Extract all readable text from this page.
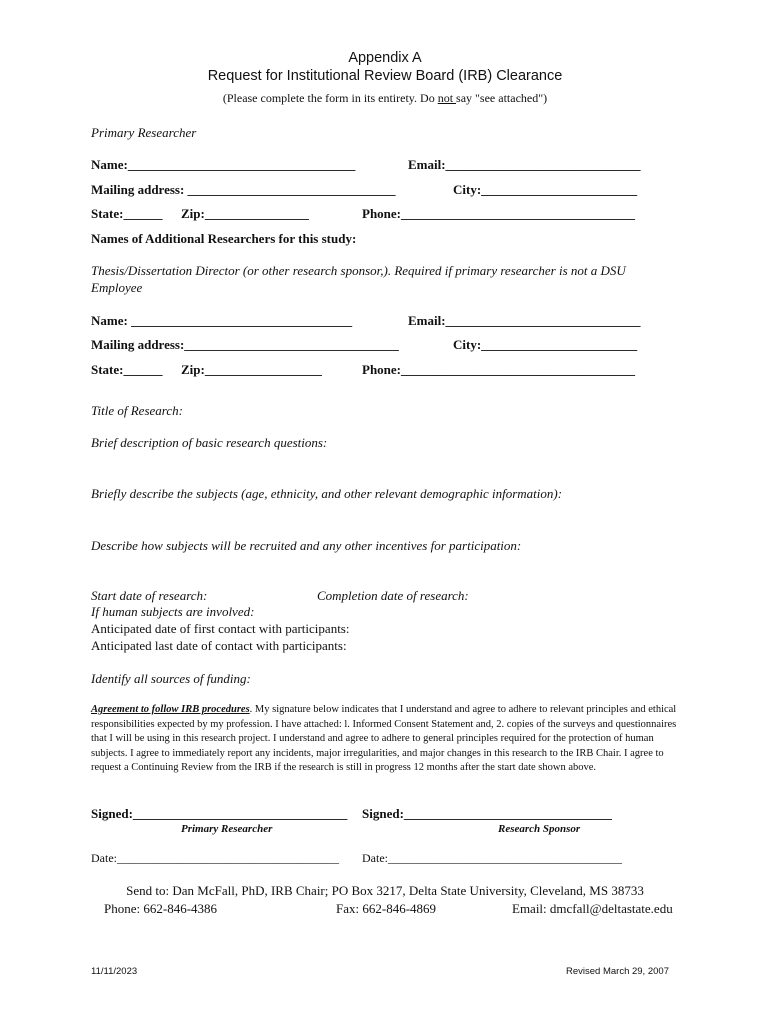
Appendix A
Request for Institutional Review Board (IRB) Clearance
(Please complete the form in its entirety. Do not say "see attached")
Primary Researcher
Name:___________________________________	Email:______________________________
Mailing address: ________________________________	City:________________________
State:______ Zip:________________	Phone:____________________________________
Names of Additional Researchers for this study:
Thesis/Dissertation Director (or other research sponsor,). Required if primary researcher is not a DSU
Employee
Name: __________________________________	Email:______________________________
Mailing address:_________________________________	City:________________________
State:______ Zip:__________________	Phone:____________________________________
Title of Research:
Brief description of basic research questions:
Briefly describe the subjects (age, ethnicity, and other relevant demographic information):
Describe how subjects will be recruited and any other incentives for participation:
Start date of research:	Completion date of research:
If human subjects are involved:
Anticipated date of first contact with participants:
Anticipated last date of contact with participants:
Identify all sources of funding:
Agreement to follow IRB procedures. My signature below indicates that I understand and agree to adhere to relevant principles and ethical responsibilities expected by my profession. I have attached: l. Informed Consent Statement and, 2. copies of the surveys and questionnaires that I will be using in this research project. I understand and agree to adhere to general principles required for the protection of human subjects. I agree to immediately report any incidents, major irregularities, and major changes in this research to the IRB Chair. I agree to request a Continuing Review from the IRB if the research is still in progress 12 months after the start date shown above.
Signed:_________________________________ Signed:________________________________
Primary Researcher	Research Sponsor
Date:_____________________________________ Date:_______________________________________
Send to: Dan McFall, PhD, IRB Chair; PO Box 3217, Delta State University, Cleveland, MS 38733
Phone: 662-846-4386	Fax: 662-846-4869	Email: dmcfall@deltastate.edu
11/11/2023	Revised March 29, 2007
